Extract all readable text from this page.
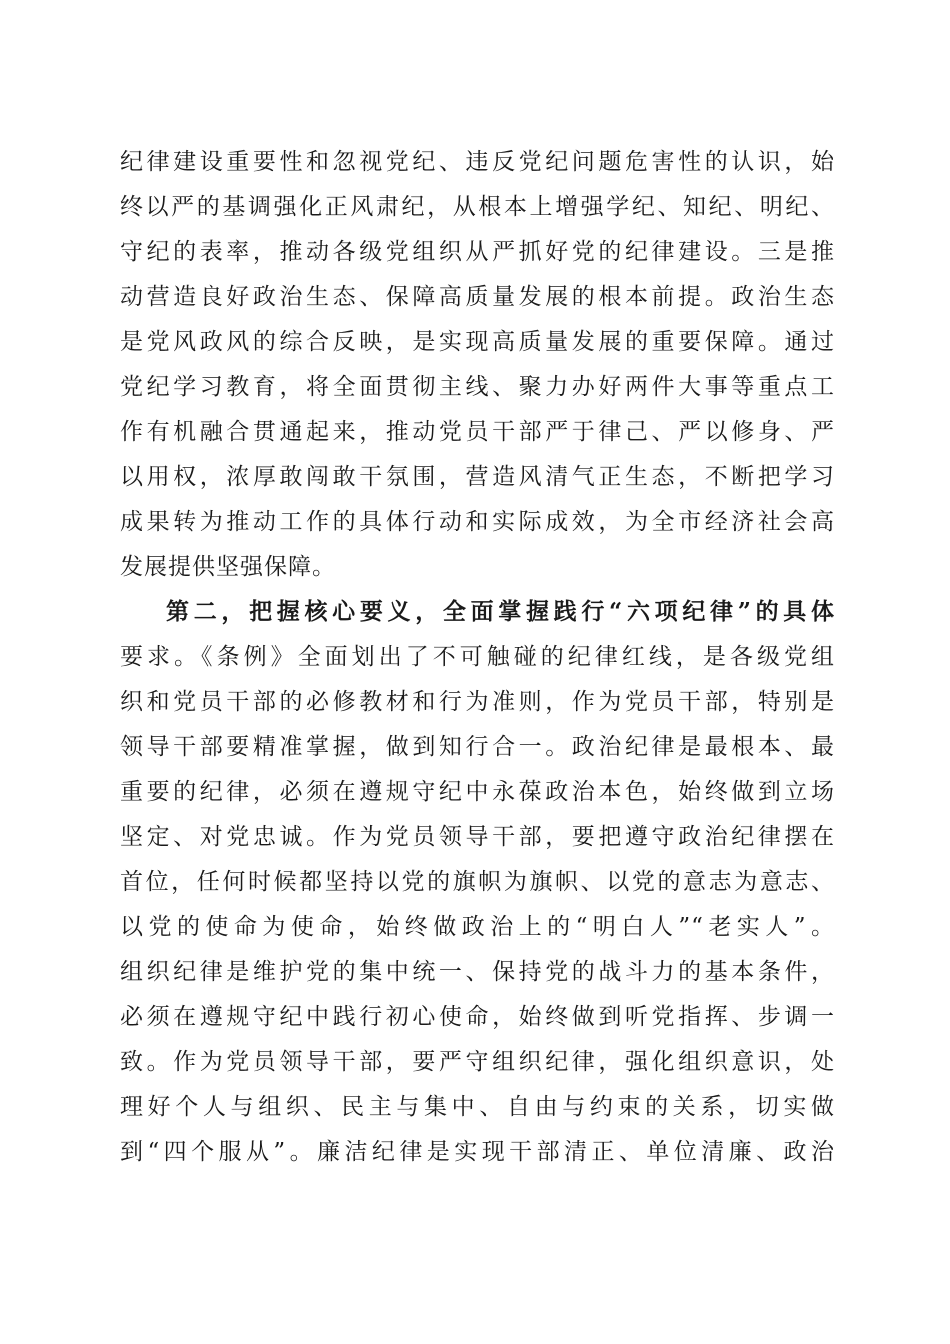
纪律建设重要性和忽视党纪、违反党纪问题危害性的认识，始
终以严的基调强化正风肃纪，从根本上增强学纪、知纪、明纪、
守纪的表率，推动各级党组织从严抓好党的纪律建设。三是推
动营造良好政治生态、保障高质量发展的根本前提。政治生态
是党风政风的综合反映，是实现高质量发展的重要保障。通过
党纪学习教育，将全面贯彻主线、聚力办好两件大事等重点工
作有机融合贯通起来，推动党员干部严于律己、严以修身、严
以用权，浓厚敢闯敢干氛围，营造风清气正生态，不断把学习
成果转为推动工作的具体行动和实际成效，为全市经济社会高
发展提供坚强保障。
第二，把握核心要义，全面掌握践行“六项纪律”的具体
要求。《条例》全面划出了不可触碰的纪律红线，是各级党组
织和党员干部的必修教材和行为准则，作为党员干部，特别是
领导干部要精准掌握，做到知行合一。政治纪律是最根本、最
重要的纪律，必须在遵规守纪中永葆政治本色，始终做到立场
坚定、对党忠诚。作为党员领导干部，要把遵守政治纪律摆在
首位，任何时候都坚持以党的旗帜为旗帜、以党的意志为意志、
以党的使命为使命，始终做政治上的“明白人”“老实人”。
组织纪律是维护党的集中统一、保持党的战斗力的基本条件，
必须在遵规守纪中践行初心使命，始终做到听党指挥、步调一
致。作为党员领导干部，要严守组织纪律，强化组织意识，处
理好个人与组织、民主与集中、自由与约束的关系，切实做
到“四个服从”。廉洁纪律是实现干部清正、单位清廉、政治
